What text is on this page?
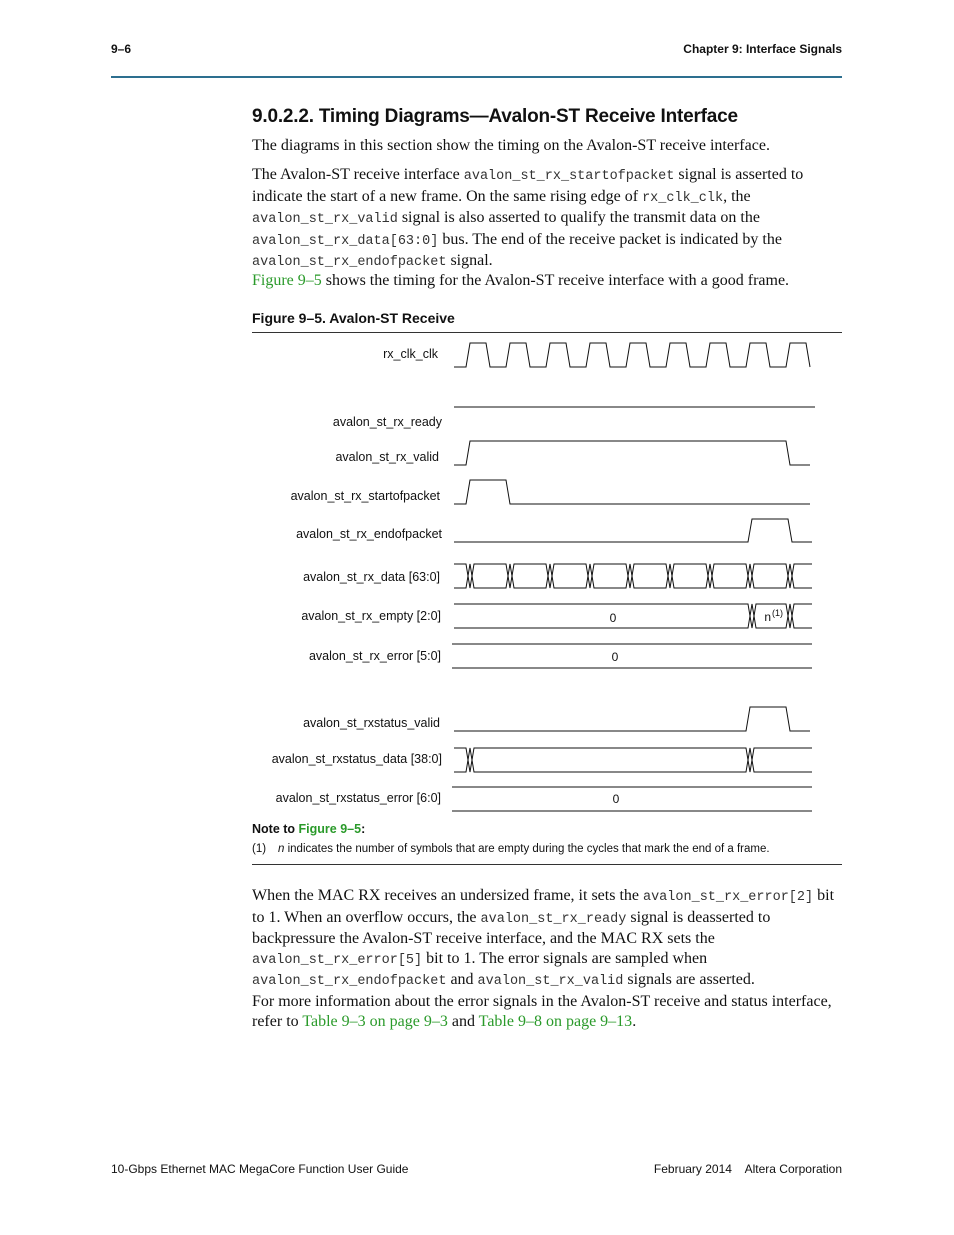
9–6	Chapter 9: Interface Signals
9.0.2.2. Timing Diagrams—Avalon-ST Receive Interface
The diagrams in this section show the timing on the Avalon-ST receive interface.
The Avalon-ST receive interface avalon_st_rx_startofpacket signal is asserted to indicate the start of a new frame. On the same rising edge of rx_clk_clk, the avalon_st_rx_valid signal is also asserted to qualify the transmit data on the avalon_st_rx_data[63:0] bus. The end of the receive packet is indicated by the avalon_st_rx_endofpacket signal.
Figure 9–5 shows the timing for the Avalon-ST receive interface with a good frame.
Figure 9–5. Avalon-ST Receive
rx_clk_clk
avalon_st_rx_ready
avalon_st_rx_valid
avalon_st_rx_startofpacket
avalon_st_rx_endofpacket
avalon_st_rx_data [63:0]
avalon_st_rx_empty [2:0]
avalon_st_rx_error [5:0]
avalon_st_rxstatus_valid
avalon_st_rxstatus_data [38:0]
avalon_st_rxstatus_error [6:0]
0	n (1)
0
0
Note to Figure 9–5:
(1) n indicates the number of symbols that are empty during the cycles that mark the end of a frame.
When the MAC RX receives an undersized frame, it sets the avalon_st_rx_error[2] bit to 1. When an overflow occurs, the avalon_st_rx_ready signal is deasserted to backpressure the Avalon-ST receive interface, and the MAC RX sets the avalon_st_rx_error[5] bit to 1. The error signals are sampled when avalon_st_rx_endofpacket and avalon_st_rx_valid signals are asserted.
For more information about the error signals in the Avalon-ST receive and status interface, refer to Table 9–3 on page 9–3 and Table 9–8 on page 9–13.
10-Gbps Ethernet MAC MegaCore Function User Guide	February 2014    Altera Corporation
